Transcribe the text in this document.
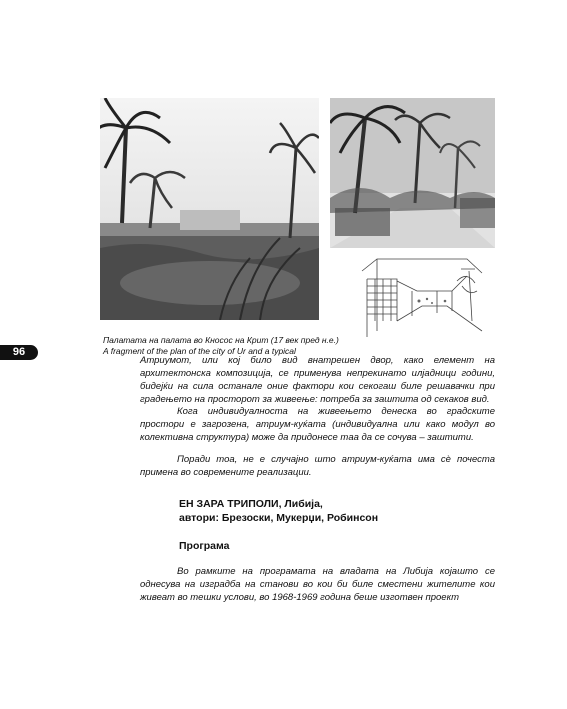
Палатата на палата во Кносос на Крит (17 век пред н.е.)
A fragment of the plan of the city of Ur and a typical
96

Атриумот, или кој било вид внатрешен двор, како елемент на архитектонска композиција, се применува непрекинато илјадници години, бидејќи на сила останале оние фактори кои секогаш биле решавачки при градењето на просторот за живеење: потреба за заштита од секаков вид.

Кога индивидуалноста на живеењето денеска во градските простори е загрозена, атриум-куќата (индивидуална или како модул во колективна структура) може да придонесе тaa да се сочува – заштити.

Поради тоа, не е случајно што атриум-куќата има сè почеста примена во современите реализации.

ЕН ЗАРА ТРИПОЛИ, Либија,
автори: Брезоски, Мукерџи, Робинсон
Програма

Во рамките на програмата на владата на Либија којашто се однесува на изградба на станови во кои би биле сместени жителите кои живеат во тешки услови, во 1968-1969 година беше изготвен проект
